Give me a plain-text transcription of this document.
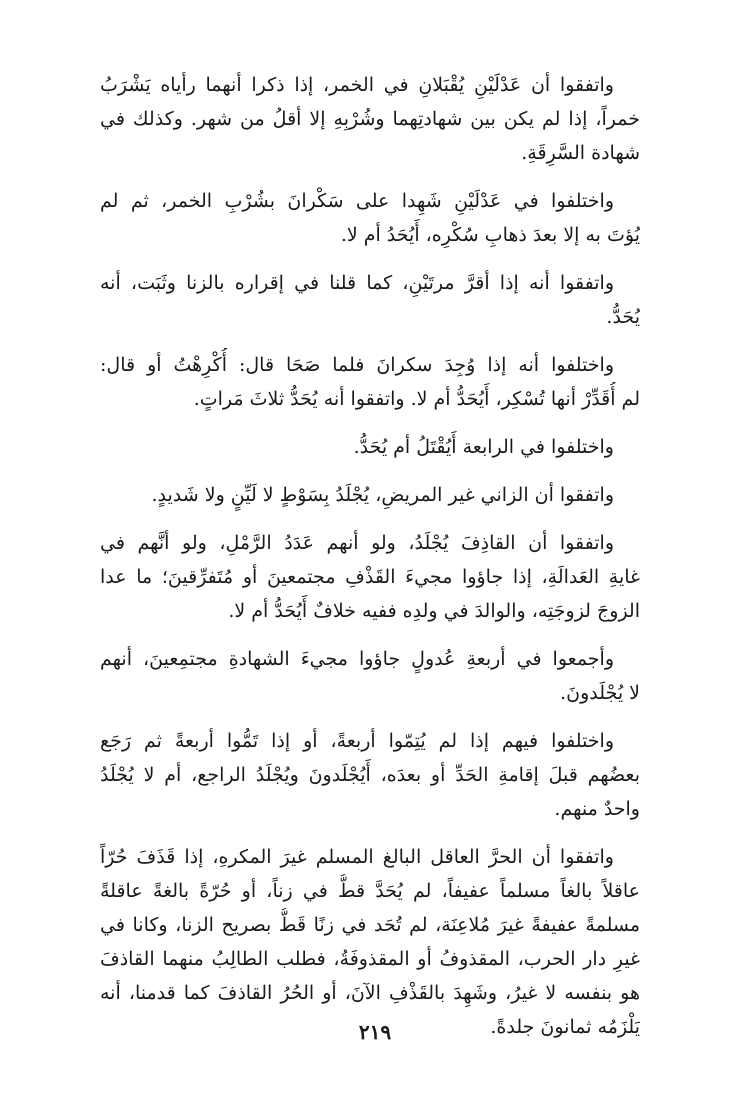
واتفقوا أن عَدْلَيْنِ يُقْبَلانِ في الخمر، إذا ذكرا أنهما رأياه يَشْرَبُ
خمراً، إذا لم يكن بين شهادتِهما وشُرْبِهِ إلا أقلُ من شهر. وكذلك في
شهادة السَّرِقَةِ.
واختلفوا في عَدْلَيْنِ شَهِدا على سَكْرانَ بشُرْبِ الخمر، ثم لم
يُؤتَ به إلا بعدَ ذهابِ سُكْرِه، أَيُحَدُ أم لا.
واتفقوا أنه إذا أقرَّ مرتَيْنِ، كما قلنا في إقراره بالزنا وثَبَت، أنه
يُحَدُّ.
واختلفوا أنه إذا وُجِدَ سكرانَ فلما صَحَا قال: أُكْرِهْتُ أو قال:
لم أُقَدِّرْ أنها تُسْكِر، أَيُحَدُّ أم لا. واتفقوا أنه يُحَدُّ ثلاثَ مَراتٍ.
واختلفوا في الرابعة أَيُقْتَلُ أم يُحَدُّ.
واتفقوا أن الزاني غير المريضِ، يُجْلَدُ بِسَوْطٍ لا لَيِّنٍ ولا شَديدٍ.
واتفقوا أن القاذِفَ يُجْلَدُ، ولو أنهم عَدَدُ الرَّمْلِ، ولو أنَّهم في
غايةِ العَدالَةِ، إذا جاؤوا مجيءَ القَذْفِ مجتمعينَ أو مُتَفرِّقينَ؛ ما عدا
الزوجَ لزوجَتِه، والوالدَ في ولدِه ففيه خلافٌ أَيُحَدُّ أم لا.
وأجمعوا في أربعةِ عُدولٍ جاؤوا مجيءَ الشهادةِ مجتمِعينَ، أنهم
لا يُجْلَدونَ.
واختلفوا فيهم إذا لم يُتِمّوا أربعةً، أو إذا تَمُّوا أربعةً ثم رَجَع
بعضُهم قبلَ إقامةِ الحَدِّ أو بعدَه، أَيُجْلَدونَ ويُجْلَدُ الراجع، أم لا يُجْلَدُ
واحدٌ منهم.
واتفقوا أن الحرَّ العاقل البالغ المسلم غيرَ المكرهِ، إذا قَذَفَ حُرّاً
عاقلاً بالغاً مسلماً عفيفاً، لم يُحَدَّ قطُّ في زناً، أو حُرّةً بالغةً عاقلةً
مسلمةً عفيفةً غيرَ مُلاعِنَة، لم تُحَد في زنًا قَطُّ بصريح الزنا، وكانا في
غيرِ دار الحرب، المقذوفُ أو المقذوفَةُ، فطلب الطالِبُ منهما القاذفَ
هو بنفسه لا غيرُ، وشَهِدَ بالقَذْفِ الآنَ، أو الحُرُ القاذفَ كما قدمنا، أنه
يَلْزَمُه ثمانونَ جلدةً.
٢١٩
